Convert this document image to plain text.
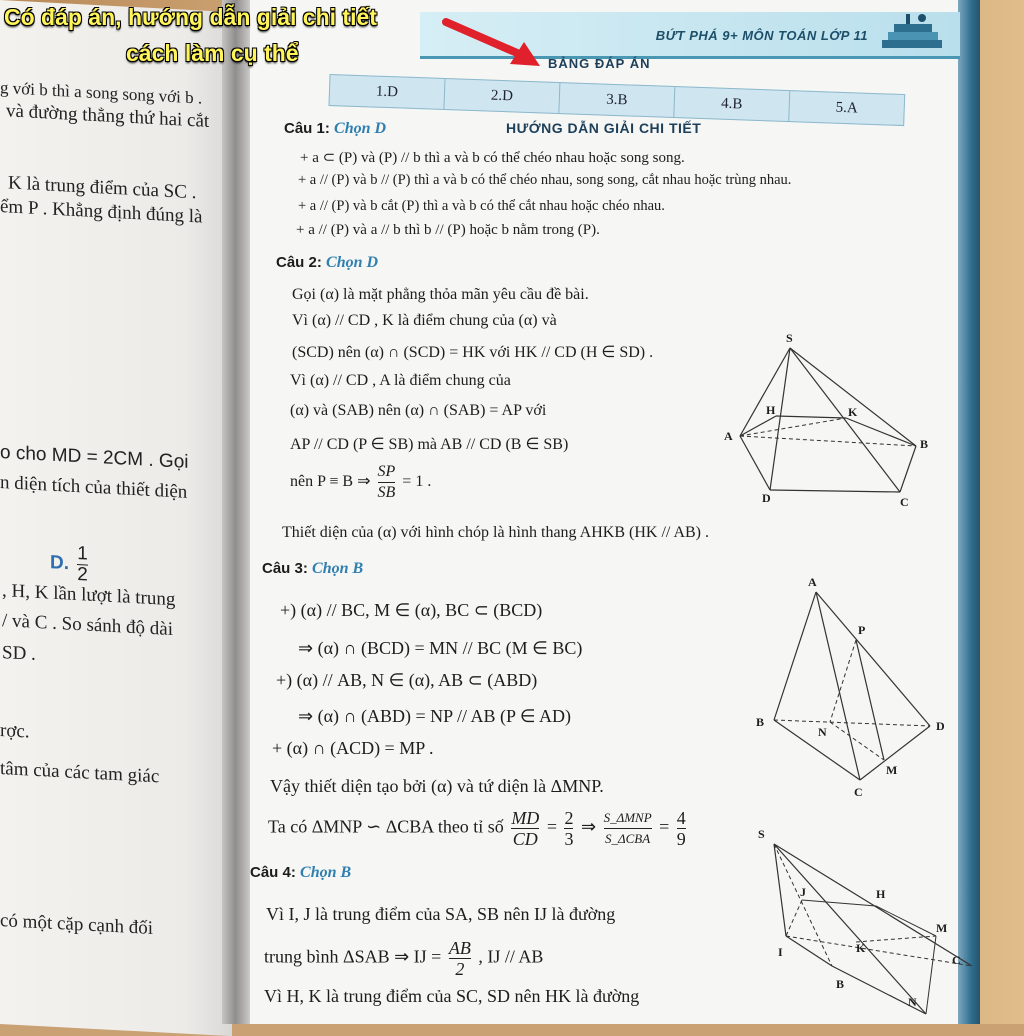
g với b thì a song song với b .
và đường thẳng thứ hai cắt
K là trung điểm của SC .
ểm P . Khẳng định đúng là
o cho MD = 2CM . Gọi
n diện tích của thiết diện
D. $\frac{1}{2}$
, H, K lần lượt là trung
/ và C . So sánh độ dài
SD .
rợc.
tâm của các tam giác
có một cặp cạnh đối
BỨT PHÁ 9+ MÔN TOÁN LỚP 11
Có đáp án, hướng dẫn giải chi tiết
cách làm cụ thể	BẢNG ĐÁP ÁN
1.D	2.D	3.B	4.B	5.A
HƯỚNG DẪN GIẢI CHI TIẾT
Câu 1: Chọn D
+ a ⊂ (P) và (P) // b thì a và b có thể chéo nhau hoặc song song.
+ a // (P) và b // (P) thì a và b có thể chéo nhau, song song, cắt nhau hoặc trùng nhau.
+ a // (P) và b cắt (P) thì a và b có thể cắt nhau hoặc chéo nhau.
+ a // (P) và a // b thì b // (P) hoặc b nằm trong (P).
Câu 2: Chọn D
Gọi (α) là mặt phẳng thỏa mãn yêu cầu đề bài.
Vì (α) // CD , K là điểm chung của (α) và
(SCD) nên (α) ∩ (SCD) = HK với HK // CD (H ∈ SD) .
Vì (α) // CD , A là điểm chung của
(α) và (SAB) nên (α) ∩ (SAB) = AP với
AP // CD (P ∈ SB) mà AB // CD (B ∈ SB)
nên P ≡ B ⇒ $\frac{SP}{SB} = 1$ .
Thiết diện của (α) với hình chóp là hình thang AHKB (HK // AB) .
S
H	K
A
B
D	C
Câu 3: Chọn B
+) (α) // BC, M ∈ (α), BC ⊂ (BCD)
⇒ (α) ∩ (BCD) = MN // BC (M ∈ BC)
+) (α) // AB, N ∈ (α), AB ⊂ (ABD)
⇒ (α) ∩ (ABD) = NP // AB (P ∈ AD)
+ (α) ∩ (ACD) = MP .
Vậy thiết diện tạo bởi (α) và tứ diện là ΔMNP.
Ta có ΔMNP ∽ ΔCBA theo tỉ số $\frac{MD}{CD} = \frac{2}{3}$ ⇒ $\frac{\text{S\_ΔMNP}}{\text{S\_ΔCBA}} = \frac{4}{9}$
A
P
B
N	D
M
C
Câu 4: Chọn B
Vì I, J là trung điểm của SA, SB nên IJ là đường
trung bình ΔSAB ⇒ IJ = $\frac{AB}{2}$ , IJ // AB
Vì H, K là trung điểm của SC, SD nên HK là đường
S
J	H
M
I	K
C
B
N
